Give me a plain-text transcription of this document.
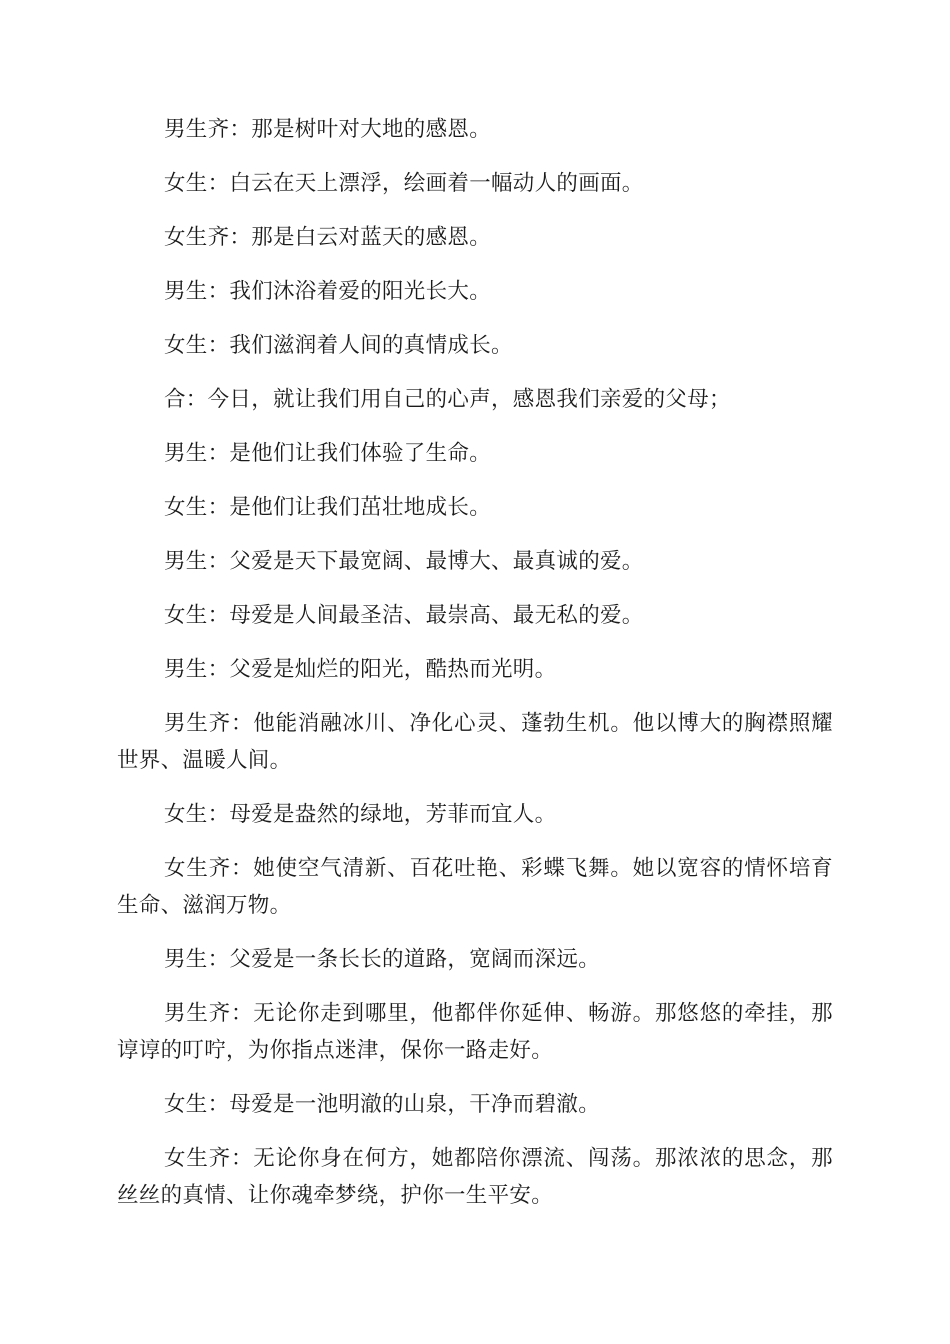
男生齐：那是树叶对大地的感恩。

女生：白云在天上漂浮，绘画着一幅动人的画面。

女生齐：那是白云对蓝天的感恩。

男生：我们沐浴着爱的阳光长大。

女生：我们滋润着人间的真情成长。

合：今日，就让我们用自己的心声，感恩我们亲爱的父母；

男生：是他们让我们体验了生命。

女生：是他们让我们茁壮地成长。

男生：父爱是天下最宽阔、最博大、最真诚的爱。

女生：母爱是人间最圣洁、最崇高、最无私的爱。

男生：父爱是灿烂的阳光，酷热而光明。

男生齐：他能消融冰川、净化心灵、蓬勃生机。他以博大的胸襟照耀世界、温暖人间。

女生：母爱是盎然的绿地，芳菲而宜人。

女生齐：她使空气清新、百花吐艳、彩蝶飞舞。她以宽容的情怀培育生命、滋润万物。

男生：父爱是一条长长的道路，宽阔而深远。

男生齐：无论你走到哪里，他都伴你延伸、畅游。那悠悠的牵挂，那谆谆的叮咛，为你指点迷津，保你一路走好。

女生：母爱是一池明澈的山泉，干净而碧澈。

女生齐：无论你身在何方，她都陪你漂流、闯荡。那浓浓的思念，那丝丝的真情、让你魂牵梦绕，护你一生平安。
